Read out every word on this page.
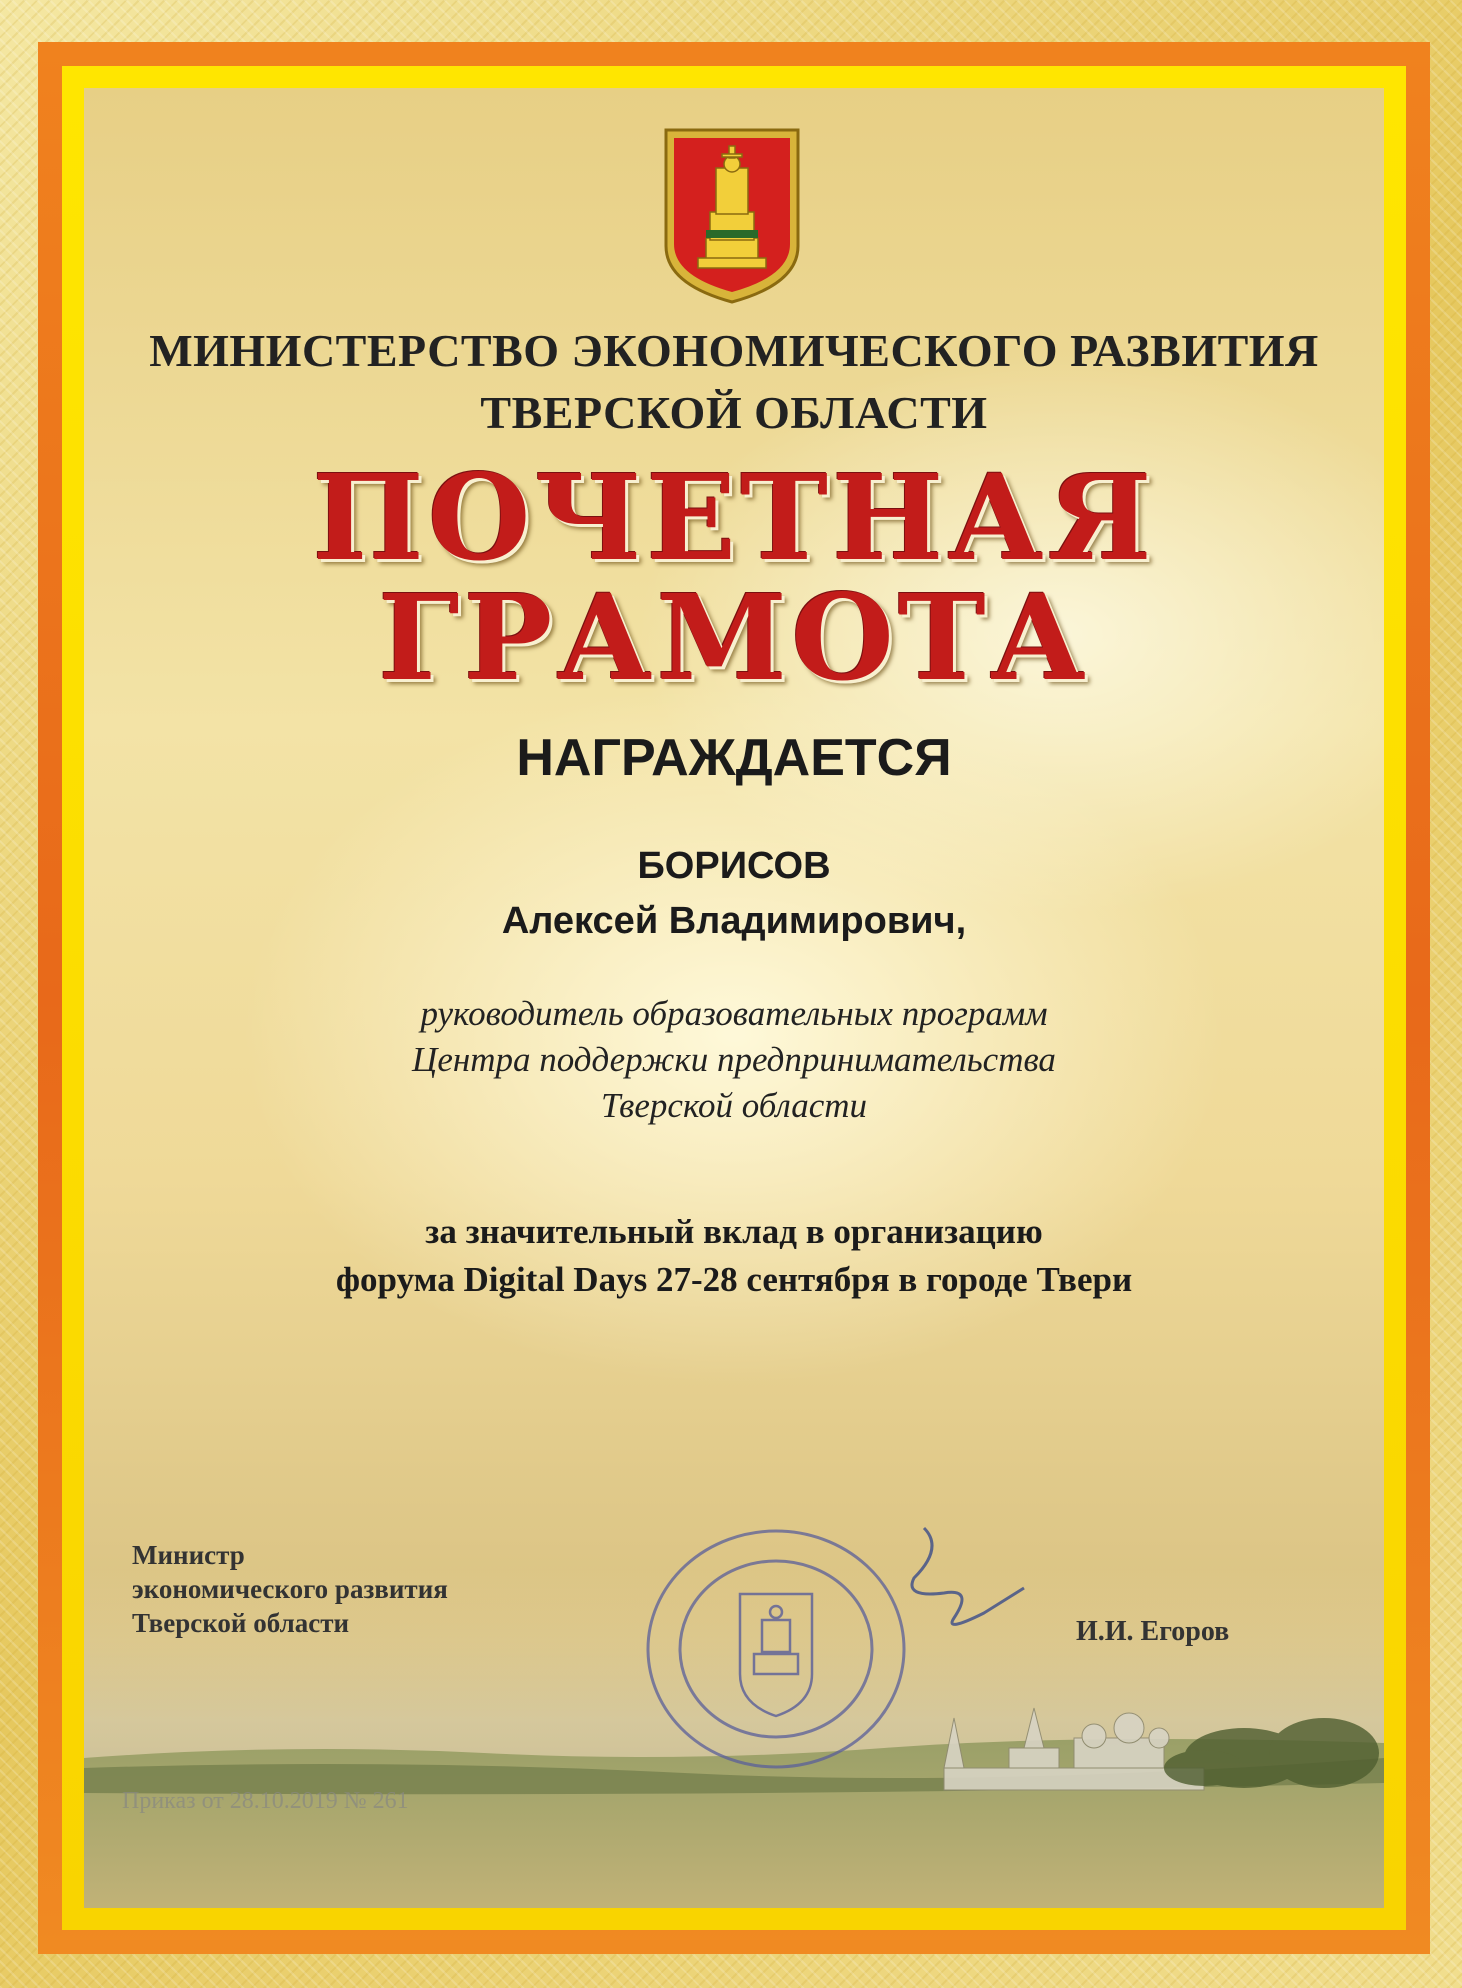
МИНИСТЕРСТВО ЭКОНОМИЧЕСКОГО РАЗВИТИЯ
ТВЕРСКОЙ ОБЛАСТИ
ПОЧЕТНАЯ
ГРАМОТА
НАГРАЖДАЕТСЯ
БОРИСОВ
Алексей Владимирович,
руководитель образовательных программ
Центра поддержки предпринимательства
Тверской области
за значительный вклад в организацию
форума Digital Days 27-28 сентября в городе Твери
Министр
экономического развития
Тверской области	И.И. Егоров
Приказ от 28.10.2019 № 261
